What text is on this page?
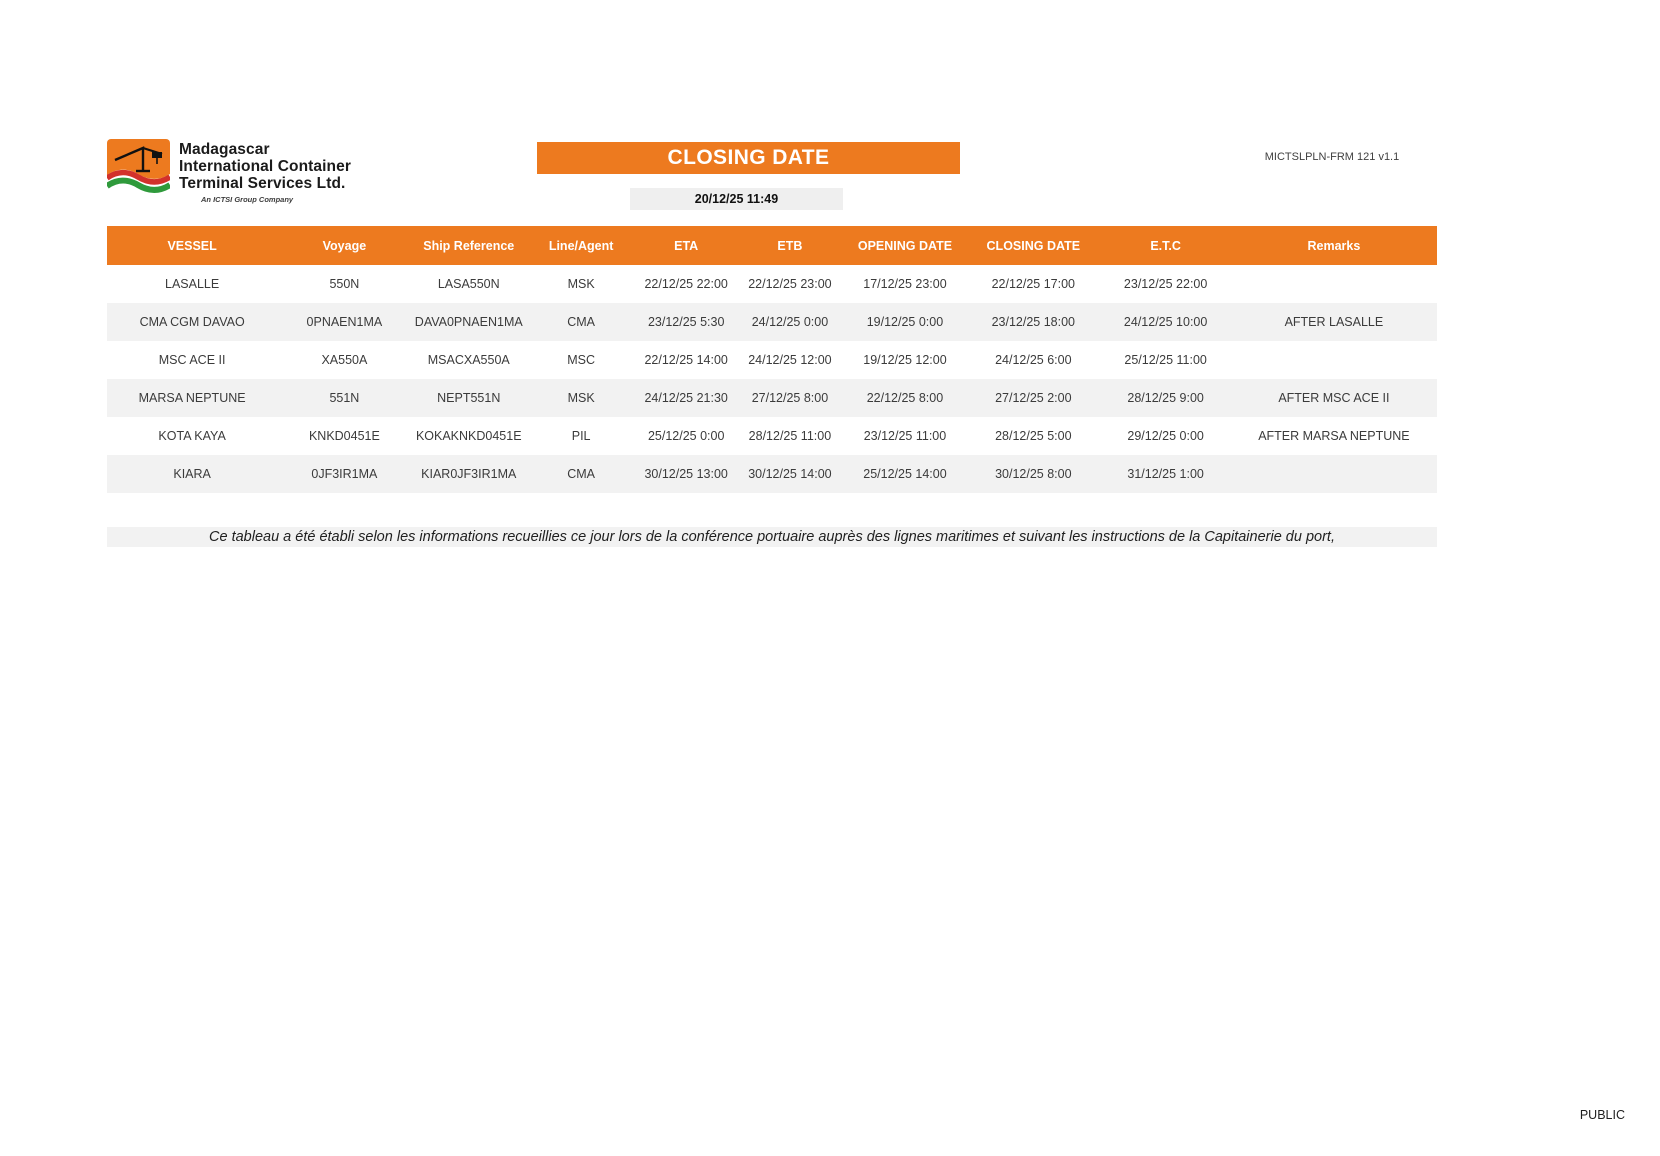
Madagascar
International Container
Terminal Services Ltd.
An ICTSI Group Company
CLOSING DATE	MICTSLPLN-FRM 121 v1.1
20/12/25 11:49
VESSEL	Voyage	Ship Reference	Line/Agent	ETA	ETB	OPENING DATE	CLOSING DATE	E.T.C	Remarks
LASALLE	550N	LASA550N	MSK	22/12/25 22:00	22/12/25 23:00	17/12/25 23:00	22/12/25 17:00	23/12/25 22:00	
CMA CGM DAVAO	0PNAEN1MA	DAVA0PNAEN1MA	CMA	23/12/25 5:30	24/12/25 0:00	19/12/25 0:00	23/12/25 18:00	24/12/25 10:00	AFTER LASALLE
MSC ACE II	XA550A	MSACXA550A	MSC	22/12/25 14:00	24/12/25 12:00	19/12/25 12:00	24/12/25 6:00	25/12/25 11:00	
MARSA NEPTUNE	551N	NEPT551N	MSK	24/12/25 21:30	27/12/25 8:00	22/12/25 8:00	27/12/25 2:00	28/12/25 9:00	AFTER MSC ACE II
KOTA KAYA	KNKD0451E	KOKAKNKD0451E	PIL	25/12/25 0:00	28/12/25 11:00	23/12/25 11:00	28/12/25 5:00	29/12/25 0:00	AFTER MARSA NEPTUNE
KIARA	0JF3IR1MA	KIAR0JF3IR1MA	CMA	30/12/25 13:00	30/12/25 14:00	25/12/25 14:00	30/12/25 8:00	31/12/25 1:00	
Ce tableau a été établi selon les informations recueillies ce jour lors de la conférence portuaire auprès des lignes maritimes et suivant les instructions de la Capitainerie du port,
PUBLIC
